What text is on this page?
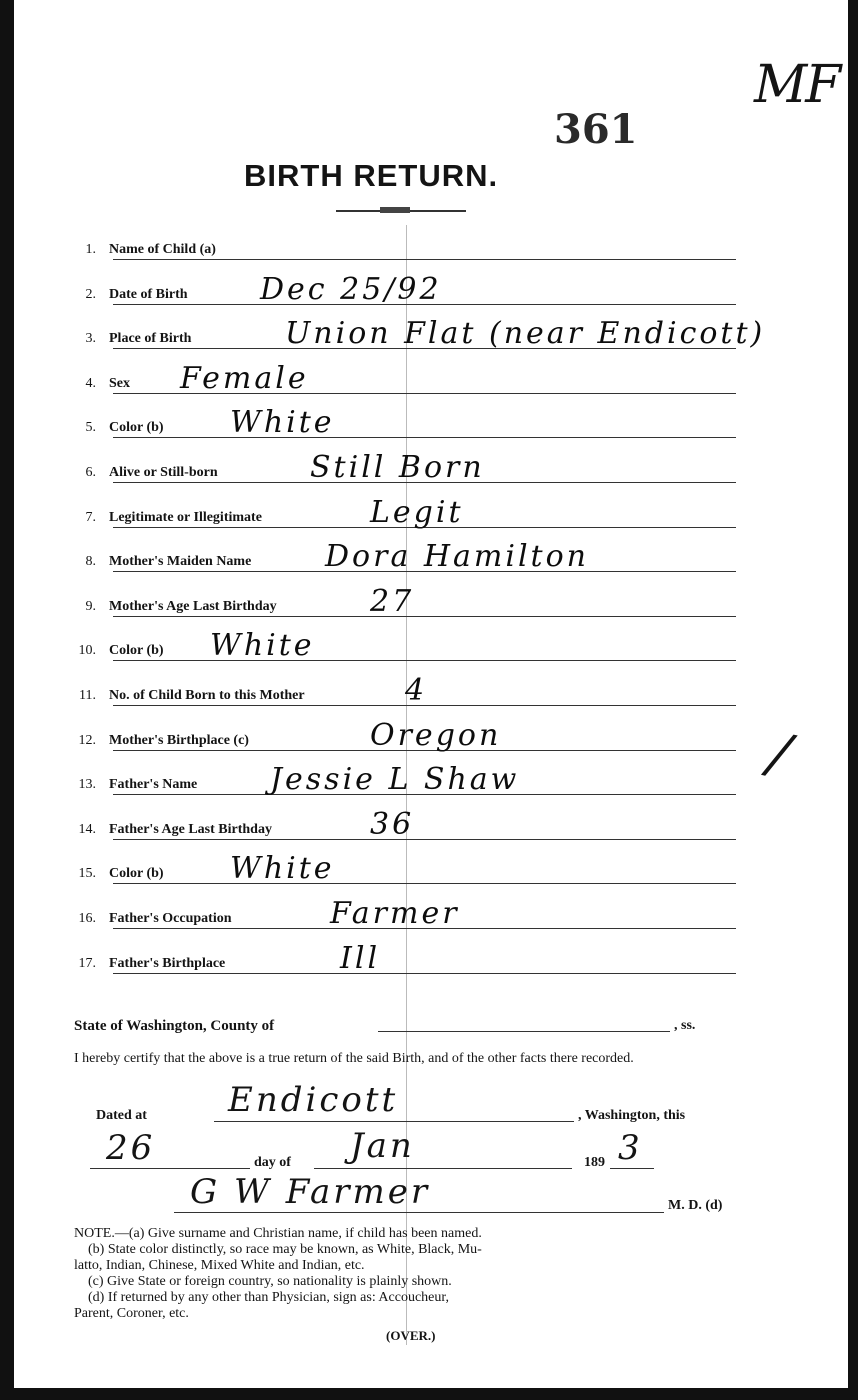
MF
361
BIRTH RETURN.
1. Name of Child (a)
2. Date of Birth Dec 25/92
3. Place of Birth	Union Flat (near Endicott)
4. Sex Female
5. Color (b) White
6. Alive or Still-born	Still Born
7. Legitimate or Illegitimate	Legit
8. Mother's Maiden Name Dora Hamilton
9. Mother's Age Last Birthday	27
10. Color (b) White
11. No. of Child Born to this Mother	4
12. Mother's Birthplace (c)	Oregon
13. Father's Name Jessie L Shaw
14. Father's Age Last Birthday	36
15. Color (b) White
16. Father's Occupation	Farmer
17. Father's Birthplace	Ill
/
State of Washington, County of	, ss.
I hereby certify that the above is a true return of the said Birth, and of the other facts there recorded.
Dated at Endicott	, Washington, this
26	day of Jan	189 3
G W Farmer	M. D. (d)
NOTE.—(a) Give surname and Christian name, if child has been named.
(b) State color distinctly, so race may be known, as White, Black, Mu-
latto, Indian, Chinese, Mixed White and Indian, etc.
(c) Give State or foreign country, so nationality is plainly shown.
(d) If returned by any other than Physician, sign as: Accoucheur,
Parent, Coroner, etc.
(OVER.)
